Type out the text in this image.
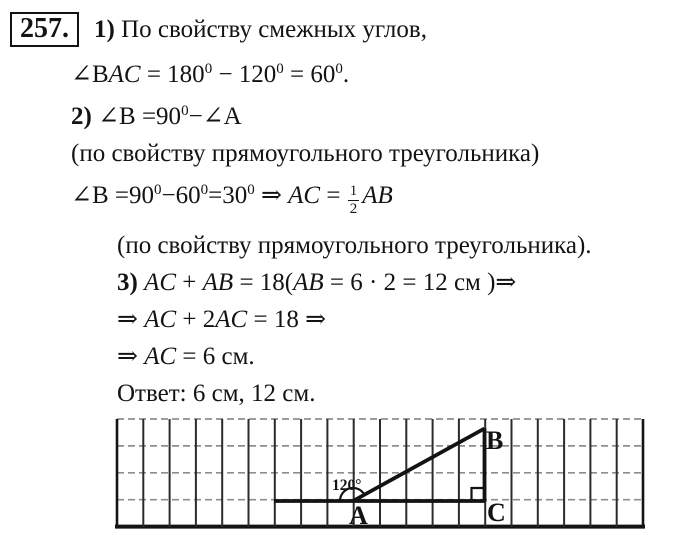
257.	1) По свойству смежных углов,
∠BAC = $180^0 - 120^0 = 60^0$.
2) ∠B $=90^0-\angle A$
(по свойству прямоугольного треугольника)
∠B $=90^0-60^0=30^0$ ⇒ AC = $\frac{1}{2}$ AB
(по свойству прямоугольного треугольника).
3) AC + AB = 18(AB = 6 · 2 = 12 см )⇒
⇒ AC + 2AC = 18 ⇒
⇒ AC = 6 см.
Ответ: 6 см, 12 см.
A
B
C
120°
